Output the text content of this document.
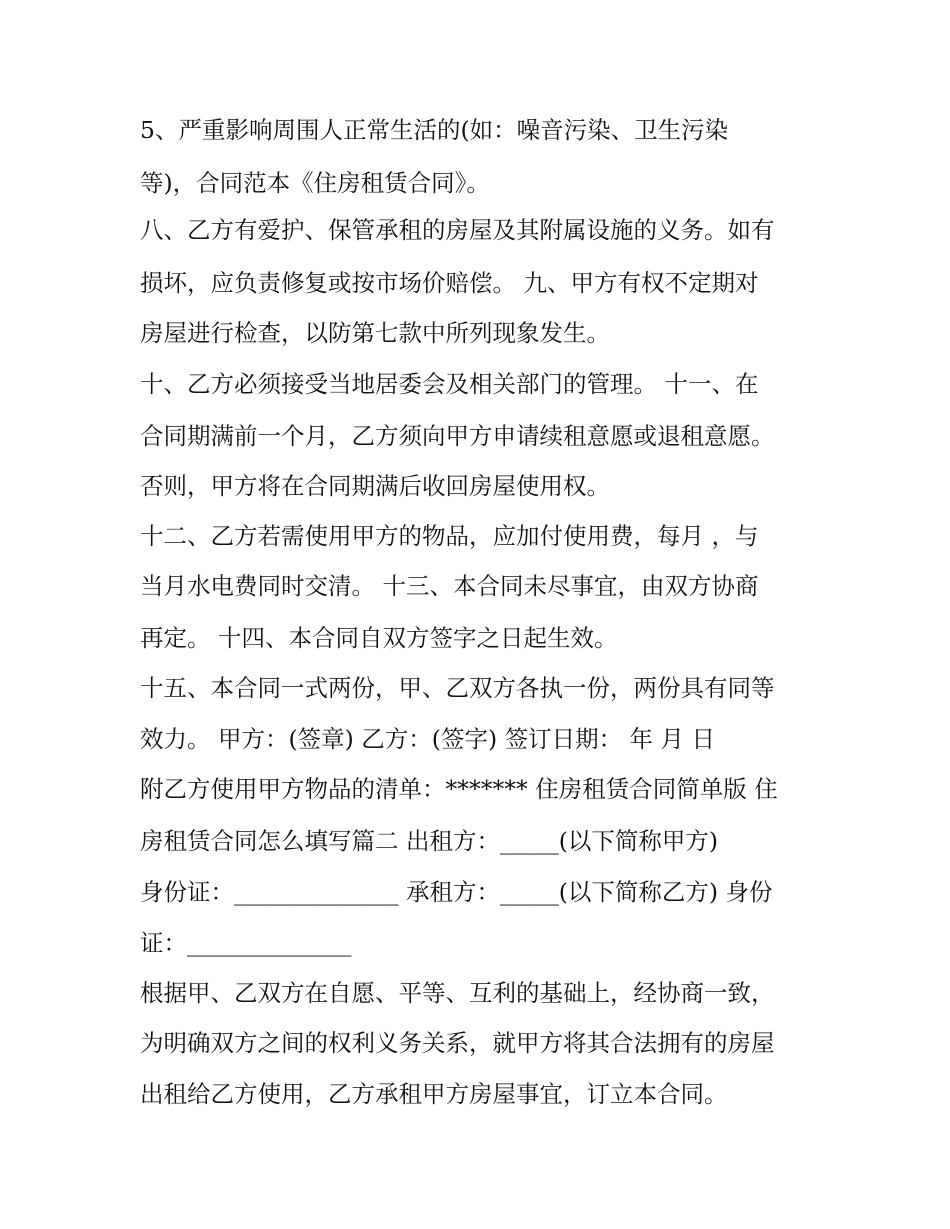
5、严重影响周围人正常生活的(如：噪音污染、卫生污染

等)，合同范本《住房租赁合同》。

八、乙方有爱护、保管承租的房屋及其附属设施的义务。如有

损坏，应负责修复或按市场价赔偿。 九、甲方有权不定期对

房屋进行检查，以防第七款中所列现象发生。

十、乙方必须接受当地居委会及相关部门的管理。 十一、在

合同期满前一个月，乙方须向甲方申请续租意愿或退租意愿。

否则，甲方将在合同期满后收回房屋使用权。

十二、乙方若需使用甲方的物品，应加付使用费，每月 ，与

当月水电费同时交清。 十三、本合同未尽事宜，由双方协商

再定。 十四、本合同自双方签字之日起生效。

十五、本合同一式两份，甲、乙双方各执一份，两份具有同等

效力。 甲方：(签章) 乙方：(签字) 签订日期： 年 月 日

附乙方使用甲方物品的清单：******* 住房租赁合同简单版 住

房租赁合同怎么填写篇二 出租方：_____(以下简称甲方)

身份证：______________ 承租方：_____(以下简称乙方) 身份

证：______________

根据甲、乙双方在自愿、平等、互利的基础上，经协商一致，

为明确双方之间的权利义务关系，就甲方将其合法拥有的房屋

出租给乙方使用，乙方承租甲方房屋事宜，订立本合同。
